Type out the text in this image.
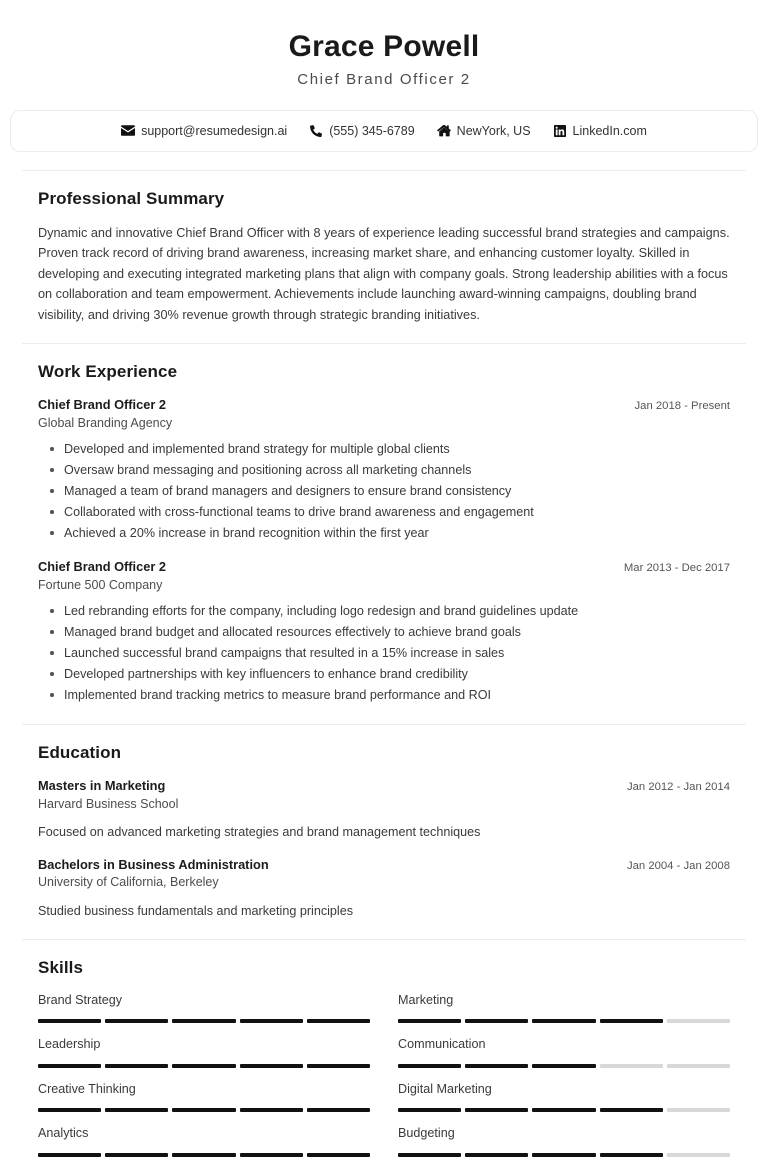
Grace Powell

Chief Brand Officer 2

support@resumedesign.ai	(555) 345-6789	NewYork, US	LinkedIn.com
Professional Summary

Dynamic and innovative Chief Brand Officer with 8 years of experience leading successful brand strategies and campaigns. Proven track record of driving brand awareness, increasing market share, and enhancing customer loyalty. Skilled in developing and executing integrated marketing plans that align with company goals. Strong leadership abilities with a focus on collaboration and team empowerment. Achievements include launching award-winning campaigns, doubling brand visibility, and driving 30% revenue growth through strategic branding initiatives.

Work Experience
Chief Brand Officer 2	Jan 2018 - Present
Global Branding Agency
Developed and implemented brand strategy for multiple global clients
Oversaw brand messaging and positioning across all marketing channels
Managed a team of brand managers and designers to ensure brand consistency
Collaborated with cross-functional teams to drive brand awareness and engagement
Achieved a 20% increase in brand recognition within the first year
Chief Brand Officer 2	Mar 2013 - Dec 2017
Fortune 500 Company
Led rebranding efforts for the company, including logo redesign and brand guidelines update
Managed brand budget and allocated resources effectively to achieve brand goals
Launched successful brand campaigns that resulted in a 15% increase in sales
Developed partnerships with key influencers to enhance brand credibility
Implemented brand tracking metrics to measure brand performance and ROI
Education
Masters in Marketing	Jan 2012 - Jan 2014
Harvard Business School
Focused on advanced marketing strategies and brand management techniques
Bachelors in Business Administration	Jan 2004 - Jan 2008
University of California, Berkeley
Studied business fundamentals and marketing principles
Skills
Brand Strategy	Marketing
Leadership	Communication
Creative Thinking	Digital Marketing
Analytics	Budgeting
